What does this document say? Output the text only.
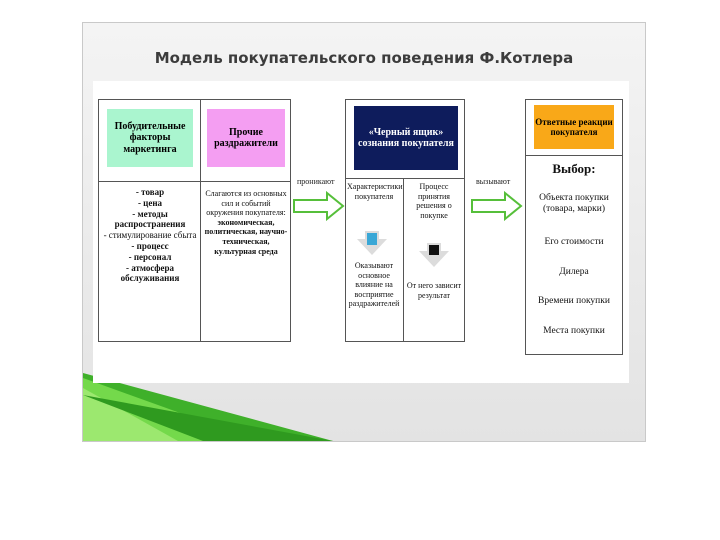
Модель покупательского поведения Ф.Котлера
Побудительные факторы маркетинга
Прочие раздражители
- товар
- цена
- методы распространения
- стимулирование сбыта
- процесс
- персонал
- атмосфера обслуживания
Слагаются из основных сил и событий окружения покупателя:
экономическая, политическая, научно-техническая, культурная среда
проникают
«Черный ящик» сознания покупателя
Характеристики покупателя
Оказывают основное влияние на восприятие раздражителей
Процесс принятия решения о покупке
От него зависит результат
вызывают
Ответные реакции покупателя
Выбор:
Объекта покупки (товара, марки)
Его стоимости
Дилера
Времени покупки
Места покупки
